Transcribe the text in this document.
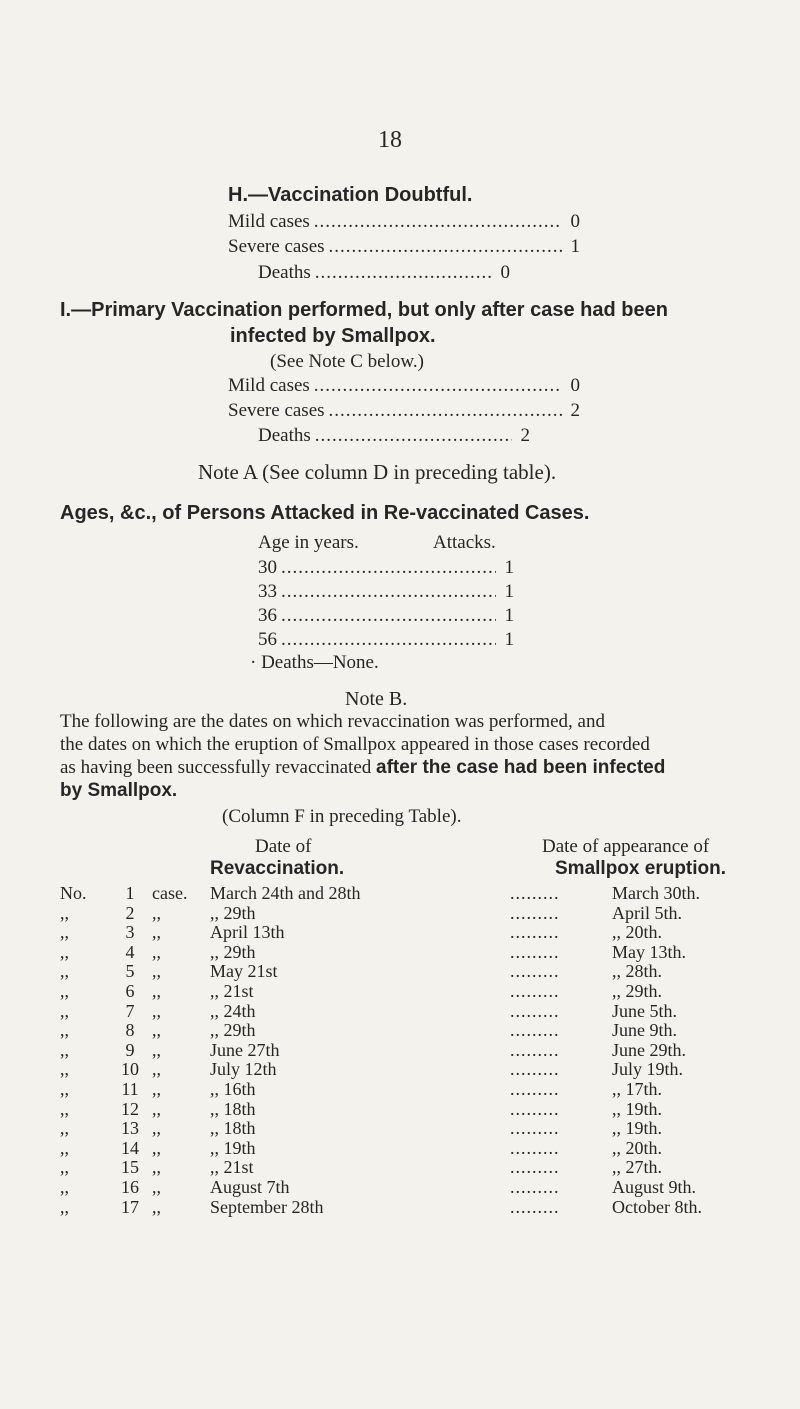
18
H.—Vaccination Doubtful.
Mild cases .....	0
Severe cases .....	1
Deaths .....	0
I.—Primary Vaccination performed, but only after case had been
infected by Smallpox.
(See Note C below.)
Mild cases .....	0
Severe cases .....	2
Deaths .....	2
Note A (See column D in preceding table).
Ages, &c., of Persons Attacked in Re-vaccinated Cases.
Age in years.	Attacks.
30 .....	1
33 .....	1
36 .....	1
56 .....	1
· Deaths—None.
Note B.
The following are the dates on which revaccination was performed, and
the dates on which the eruption of Smallpox appeared in those cases recorded
as having been successfully revaccinated after the case had been infected
by Smallpox.
(Column F in preceding Table).
Date of
Revaccination.
Date of appearance of
Smallpox eruption.
No.	1	case.	March 24th and 28th	.........	March 30th.
,,	2	,,	,, 29th	.........	April 5th.
,,	3	,,	April 13th	.........	,, 20th.
,,	4	,,	,, 29th	.........	May 13th.
,,	5	,,	May 21st	.........	,, 28th.
,,	6	,,	,, 21st	.........	,, 29th.
,,	7	,,	,, 24th	.........	June 5th.
,,	8	,,	,, 29th	.........	June 9th.
,,	9	,,	June 27th	.........	June 29th.
,,	10	,,	July 12th	.........	July 19th.
,,	11	,,	,, 16th	.........	,, 17th.
,,	12	,,	,, 18th	.........	,, 19th.
,,	13	,,	,, 18th	.........	,, 19th.
,,	14	,,	,, 19th	.........	,, 20th.
,,	15	,,	,, 21st	.........	,, 27th.
,,	16	,,	August 7th	.........	August 9th.
,,	17	,,	September 28th	.........	October 8th.
